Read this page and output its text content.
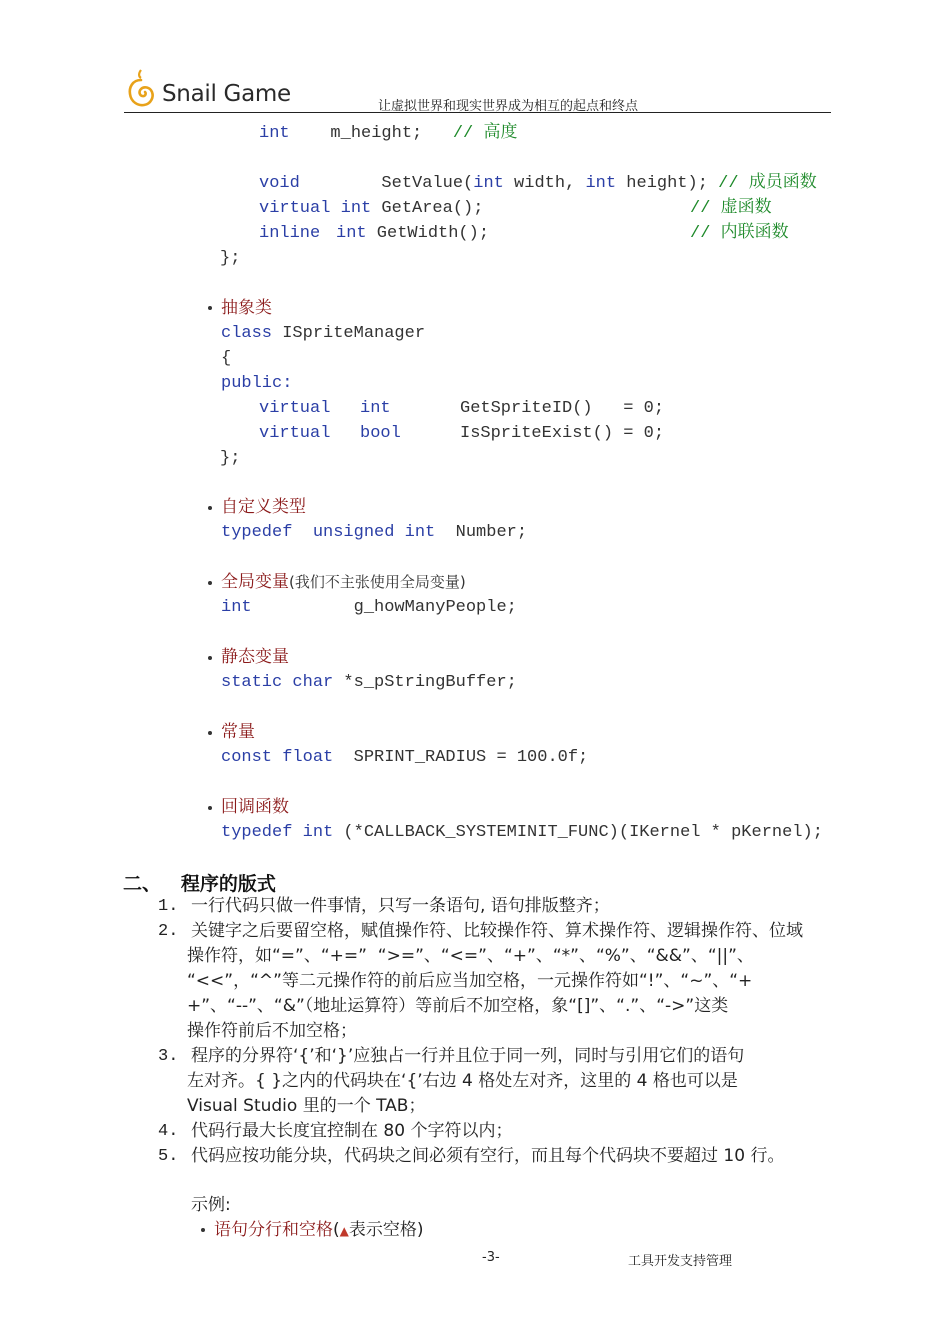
Snail Game	让虚拟世界和现实世界成为相互的起点和终点
int    m_height;   // 高度
void        SetValue(int width, int height); // 成员函数
virtual int GetArea();	// 虚函数
inline int GetWidth();	// 内联函数
};
抽象类
class ISpriteManager
{
public:
virtual int	GetSpriteID()   = 0;
virtual bool	IsSpriteExist() = 0;
};
自定义类型
typedef  unsigned int  Number;
全局变量(我们不主张使用全局变量)
int          g_howManyPeople;
静态变量
static char *s_pStringBuffer;
常量
const float  SPRINT_RADIUS = 100.0f;
回调函数
typedef int (*CALLBACK_SYSTEMINIT_FUNC)(IKernel * pKernel);
二、   程序的版式
1. 一行代码只做一件事情，只写一条语句, 语句排版整齐；
2. 关键字之后要留空格，赋值操作符、比较操作符、算术操作符、逻辑操作符、位域
操作符，如“=”、“+=”  “>=”、“<=”、“+”、“*”、“%”、“&&”、“||”、
“<<”，“^”等二元操作符的前后应当加空格，一元操作符如“!”、“~”、“+
+”、“--”、“&”（地址运算符）等前后不加空格，象“[]”、“.”、“->”这类
操作符前后不加空格；
3. 程序的分界符‘{’和‘}’应独占一行并且位于同一列，同时与引用它们的语句
左对齐。{ }之内的代码块在‘{’右边 4 格处左对齐，这里的 4 格也可以是
Visual Studio 里的一个 TAB；
4. 代码行最大长度宜控制在 80 个字符以内；
5. 代码应按功能分块，代码块之间必须有空行，而且每个代码块不要超过 10 行。
示例:
语句分行和空格(▲表示空格)
-3-	工具开发支持管理
